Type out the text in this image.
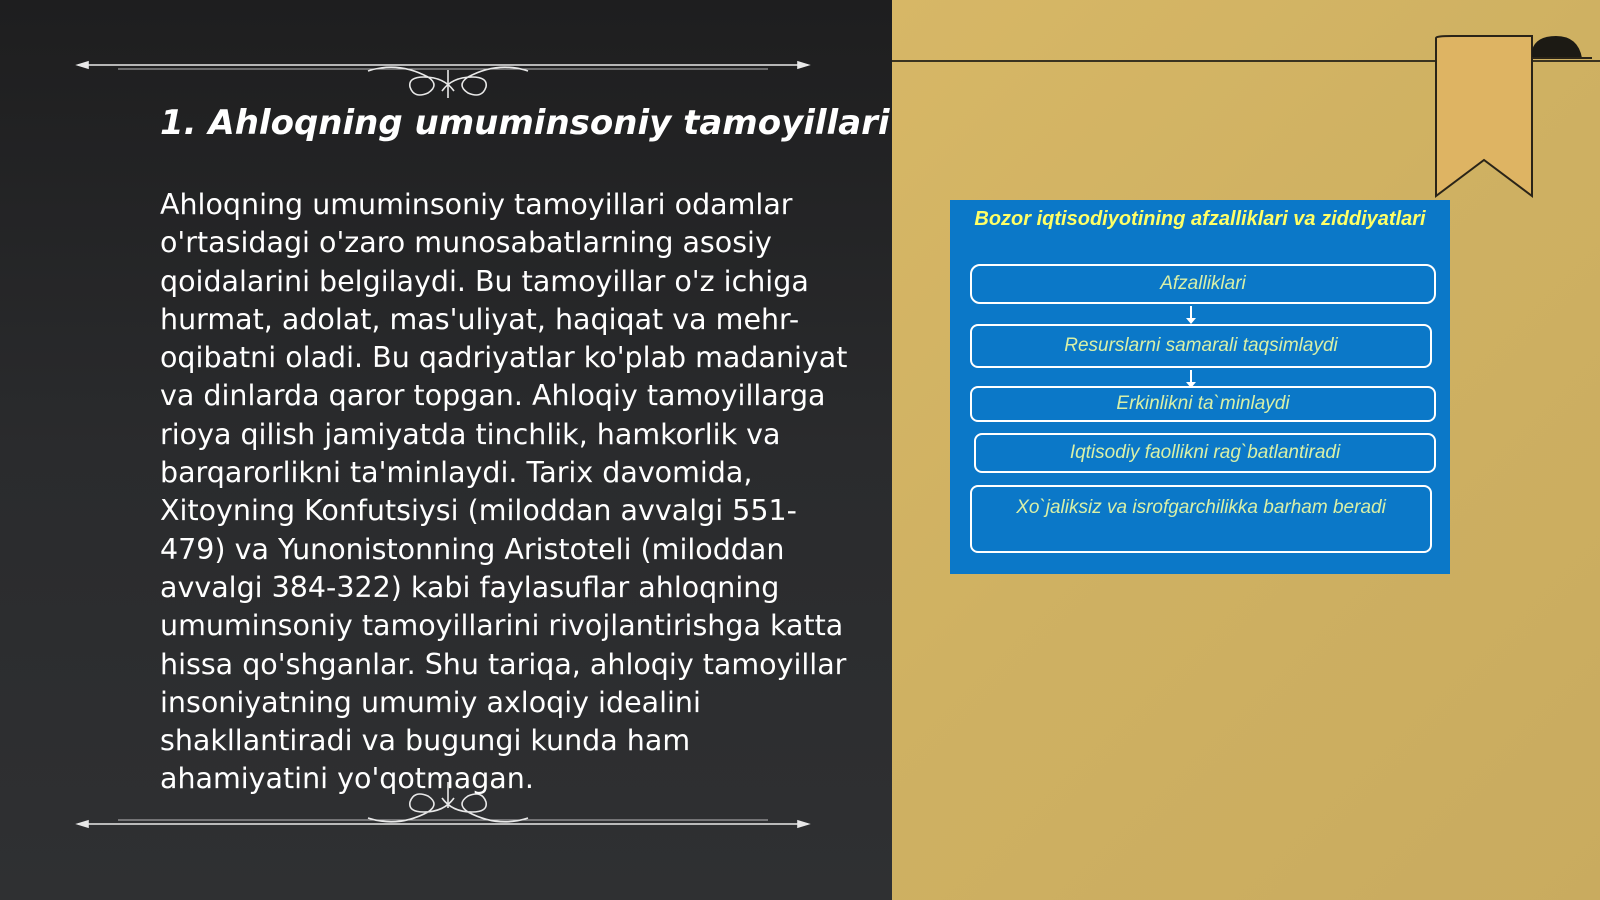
1. Ahloqning umuminsoniy tamoyillari

Ahloqning umuminsoniy tamoyillari odamlar o'rtasidagi o'zaro munosabatlarning asosiy qoidalarini belgilaydi. Bu tamoyillar o'z ichiga hurmat, adolat, mas'uliyat, haqiqat va mehr-oqibatni oladi. Bu qadriyatlar ko'plab madaniyat va dinlarda qaror topgan. Ahloqiy tamoyillarga rioya qilish jamiyatda tinchlik, hamkorlik va barqarorlikni ta'minlaydi. Tarix davomida, Xitoyning Konfutsiysi (miloddan avvalgi 551-479) va Yunonistonning Aristoteli (miloddan avvalgi 384-322) kabi faylasuflar ahloqning umuminsoniy tamoyillarini rivojlantirishga katta hissa qo'shganlar. Shu tariqa, ahloqiy tamoyillar insoniyatning umumiy axloqiy idealini shakllantiradi va bugungi kunda ham ahamiyatini yo'qotmagan.

Bozor iqtisodiyotining afzalliklari va ziddiyatlari
Afzalliklari
Resurslarni samarali taqsimlaydi
Erkinlikni ta`minlaydi
Iqtisodiy faollikni rag`batlantiradi
Xo`jaliksiz va isrofgarchilikka barham beradi
